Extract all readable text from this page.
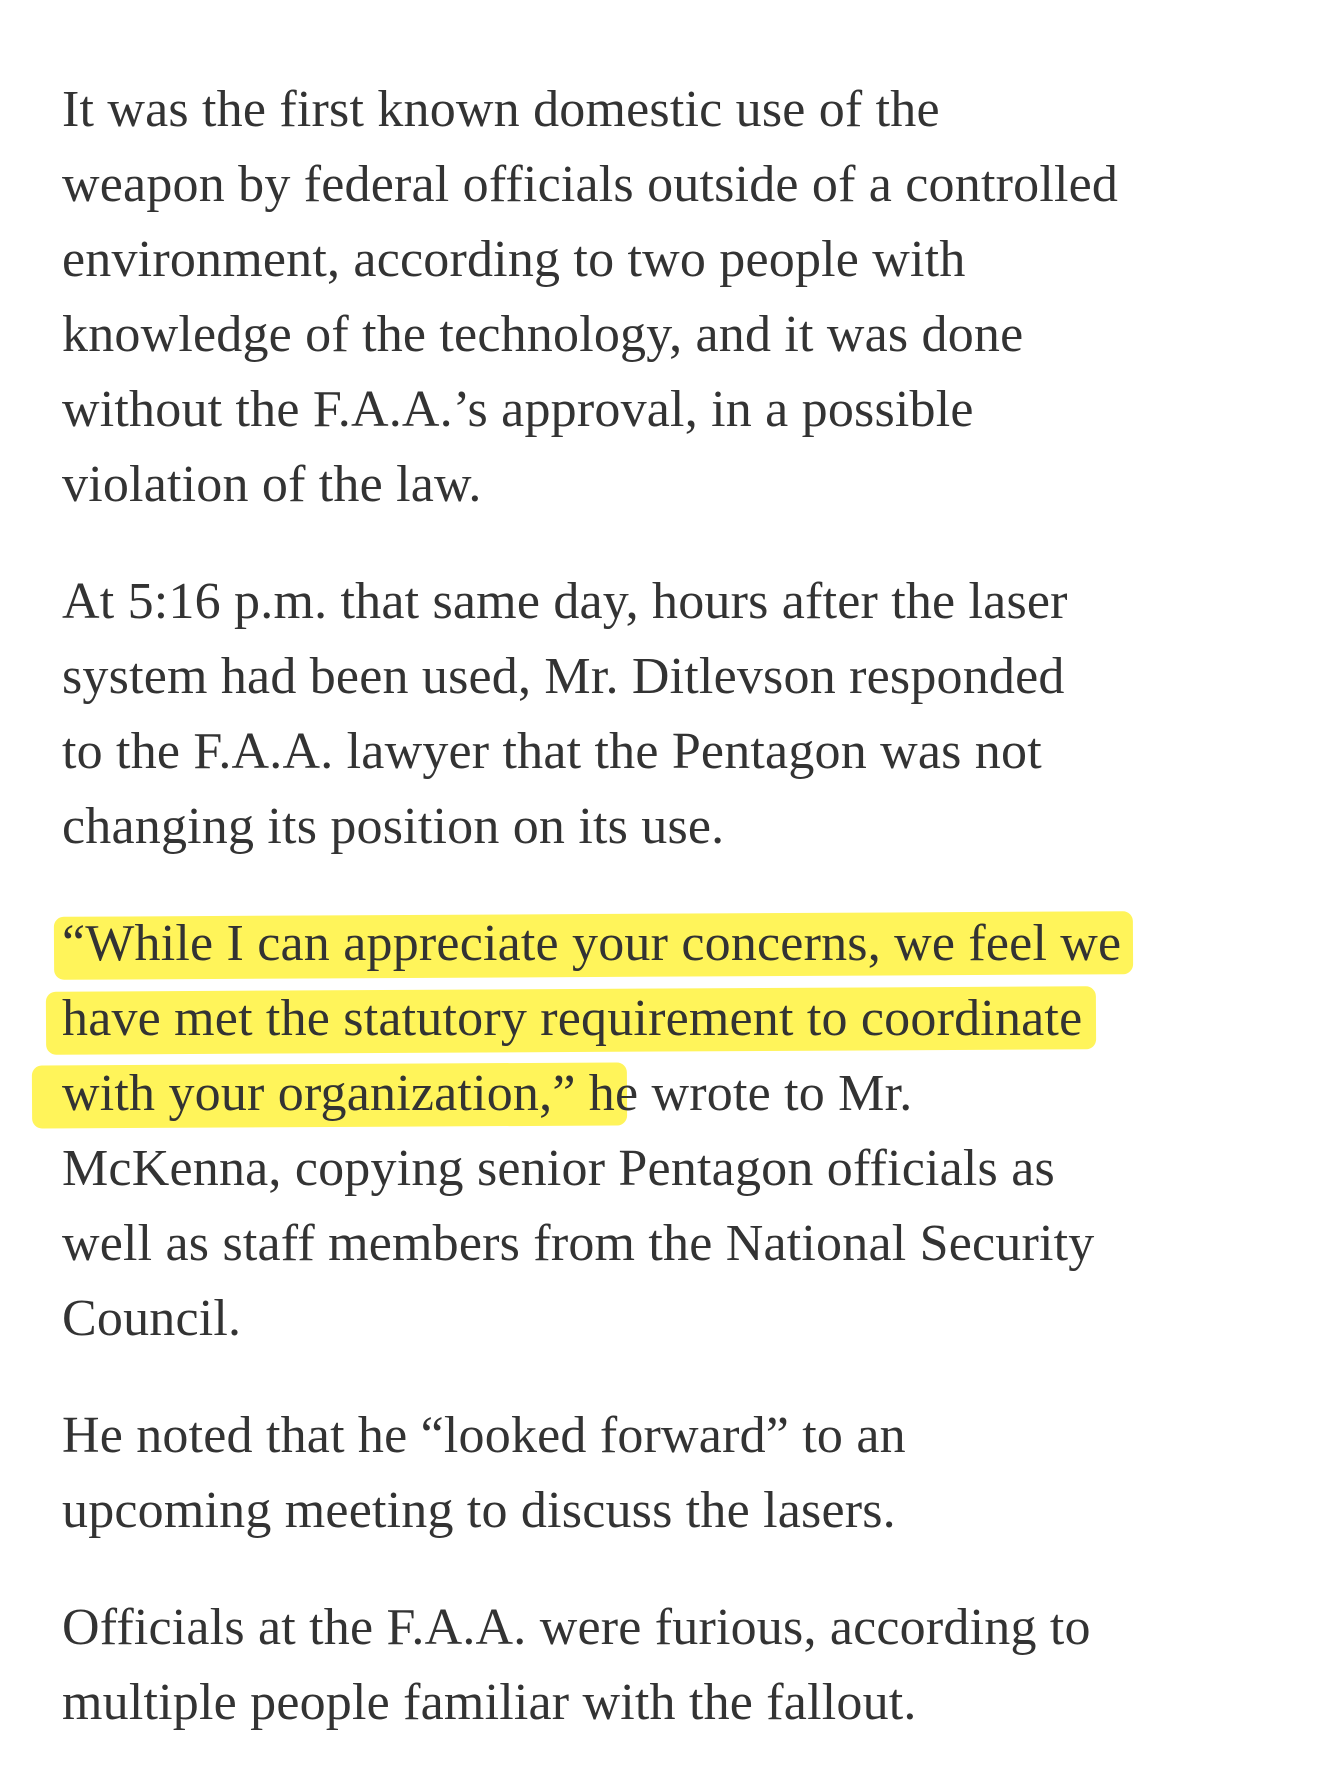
It was the first known domestic use of the
weapon by federal officials outside of a controlled
environment, according to two people with
knowledge of the technology, and it was done
without the F.A.A.’s approval, in a possible
violation of the law.

At 5:16 p.m. that same day, hours after the laser
system had been used, Mr. Ditlevson responded
to the F.A.A. lawyer that the Pentagon was not
changing its position on its use.

“While I can appreciate your concerns, we feel we
have met the statutory requirement to coordinate
with your organization,” he wrote to Mr.
McKenna, copying senior Pentagon officials as
well as staff members from the National Security
Council.

He noted that he “looked forward” to an
upcoming meeting to discuss the lasers.

Officials at the F.A.A. were furious, according to
multiple people familiar with the fallout.
